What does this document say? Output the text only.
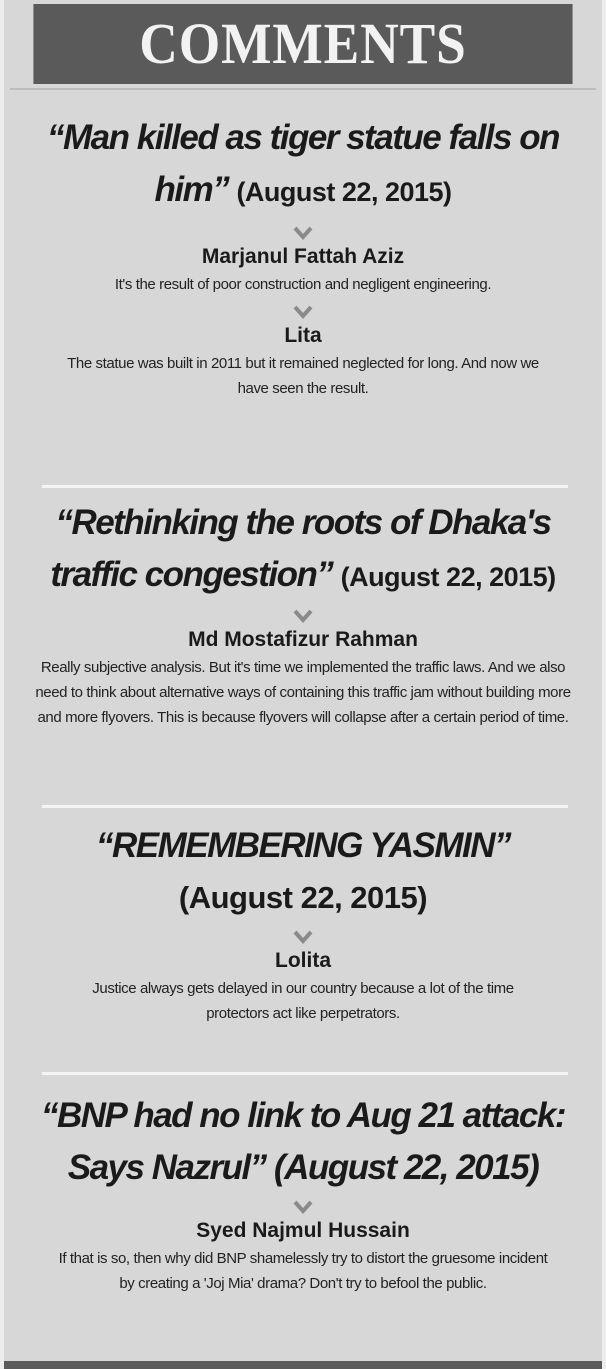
COMMENTS

“Man killed as tiger statue falls on him” (August 22, 2015)

Marjanul Fattah Aziz

It's the result of poor construction and negligent engineering.

Lita

The statue was built in 2011 but it remained neglected for long. And now we have seen the result.

“Rethinking the roots of Dhaka's traffic congestion” (August 22, 2015)

Md Mostafizur Rahman

Really subjective analysis. But it's time we implemented the traffic laws. And we also need to think about alternative ways of containing this traffic jam without building more and more flyovers. This is because flyovers will collapse after a certain period of time.

“REMEMBERING YASMIN”
(August 22, 2015)

Lolita

Justice always gets delayed in our country because a lot of the time protectors act like perpetrators.

“BNP had no link to Aug 21 attack: Says Nazrul” (August 22, 2015)

Syed Najmul Hussain

If that is so, then why did BNP shamelessly try to distort the gruesome incident by creating a 'Joj Mia' drama? Don't try to befool the public.
